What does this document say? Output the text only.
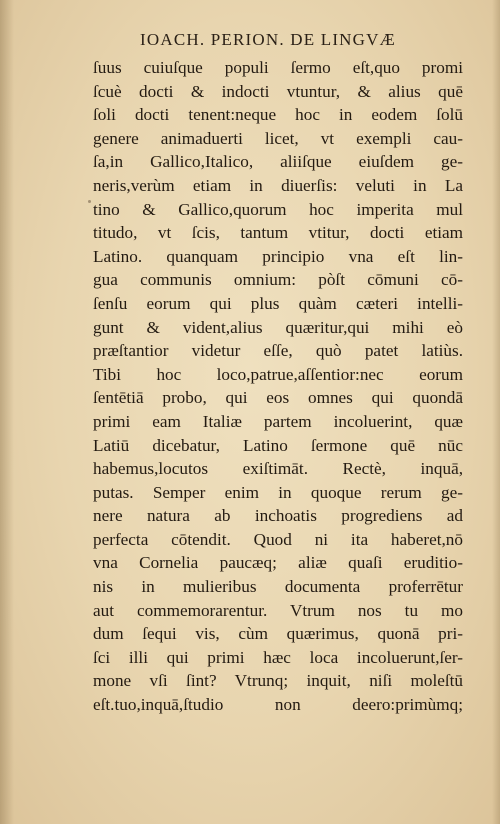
IOACH. PERION. DE LINGVÆ
ſuus cuiuſque populi ſermo eſt,quo promi
ſcuè docti & indocti vtuntur, & alius quē
ſoli docti tenent:neque hoc in eodem ſolū
genere animaduerti licet, vt exempli cau-
ſa,in Gallico,Italico, aliiſque eiuſdem ge-
neris,verùm etiam in diuerſis: veluti in La
tino & Gallico,quorum hoc imperita mul
titudo, vt ſcis, tantum vtitur, docti etiam
Latino. quanquam principio vna eſt lin-
gua communis omnium: pòſt cōmuni cō-
ſenſu eorum qui plus quàm cæteri intelli-
gunt & vident,alius quæritur,qui mihi eò
præſtantior videtur eſſe, quò patet latiùs.
Tibi hoc loco,patrue,aſſentior:nec eorum
ſentētiā probo, qui eos omnes qui quondā
primi eam Italiæ partem incoluerint, quæ
Latiū dicebatur, Latino ſermone quē nūc
habemus,locutos exiſtimāt. Rectè, inquā,
putas. Semper enim in quoque rerum ge-
nere natura ab inchoatis progrediens ad
perfecta cōtendit. Quod ni ita haberet,nō
vna Cornelia paucæq; aliæ quaſi eruditio-
nis in mulieribus documenta proferrētur
aut commemorarentur. Vtrum nos tu mo
dum ſequi vis, cùm quærimus, quonā pri-
ſci illi qui primi hæc loca incoluerunt,ſer-
mone vſi ſint? Vtrunq; inquit, niſi moleſtū
eſt.tuo,inquā,ſtudio non deero:primùmq;
